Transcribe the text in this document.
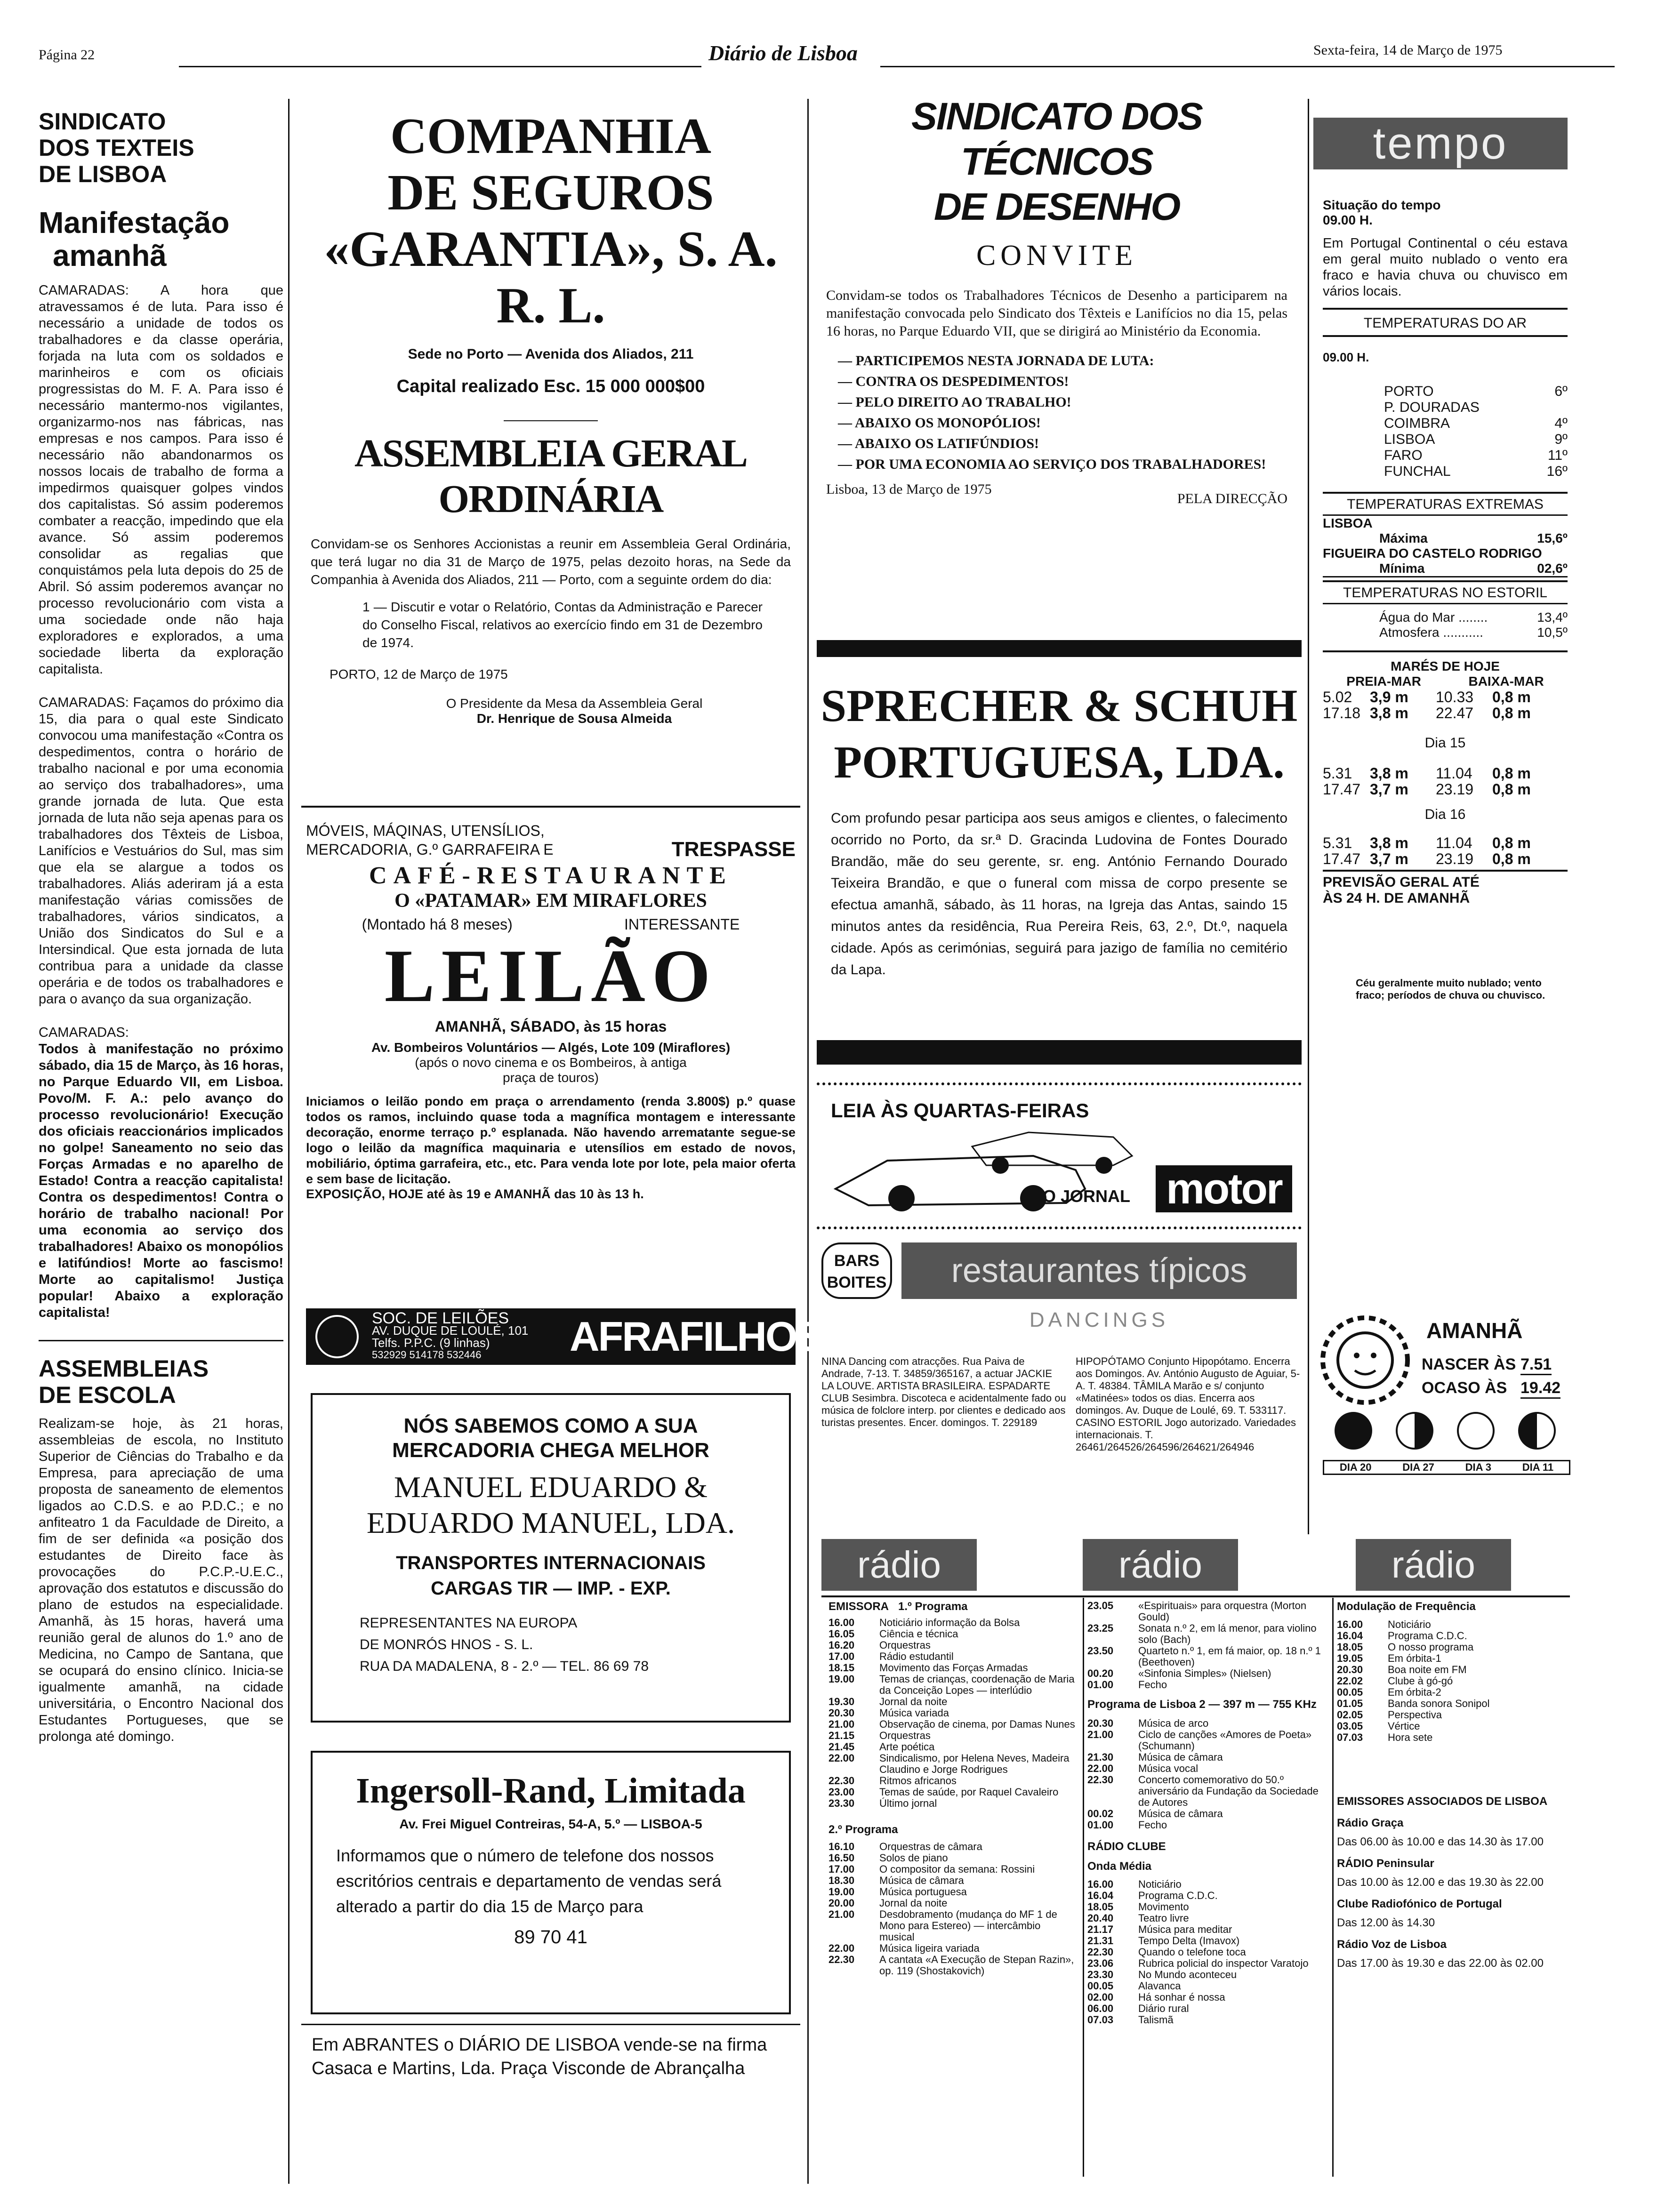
Página 22	Diário de Lisboa	Sexta-feira, 14 de Março de 1975
SINDICATO
DOS TEXTEIS
DE LISBOA
Manifestação
amanhã

CAMARADAS: A hora que atravessamos é de luta. Para isso é necessário a unidade de todos os trabalhadores e da classe operária, forjada na luta com os soldados e marinheiros e com os oficiais progressistas do M. F. A. Para isso é necessário mantermo-nos vigilantes, organizarmo-nos nas fábricas, nas empresas e nos campos. Para isso é necessário não abandonarmos os nossos locais de trabalho de forma a impedirmos quaisquer golpes vindos dos capitalistas. Só assim poderemos combater a reacção, impedindo que ela avance. Só assim poderemos consolidar as regalias que conquistámos pela luta depois do 25 de Abril. Só assim poderemos avançar no processo revolucionário com vista a uma sociedade onde não haja exploradores e explorados, a uma sociedade liberta da exploração capitalista.

CAMARADAS: Façamos do próximo dia 15, dia para o qual este Sindicato convocou uma manifestação «Contra os despedimentos, contra o horário de trabalho nacional e por uma economia ao serviço dos trabalhadores», uma grande jornada de luta. Que esta jornada de luta não seja apenas para os trabalhadores dos Têxteis de Lisboa, Lanifícios e Vestuários do Sul, mas sim que ela se alargue a todos os trabalhadores. Aliás aderiram já a esta manifestação várias comissões de trabalhadores, vários sindicatos, a União dos Sindicatos do Sul e a Intersindical. Que esta jornada de luta contribua para a unidade da classe operária e de todos os trabalhadores e para o avanço da sua organização.

CAMARADAS:

Todos à manifestação no próximo sábado, dia 15 de Março, às 16 horas, no Parque Eduardo VII, em Lisboa. Povo/M. F. A.: pelo avanço do processo revolucionário! Execução dos oficiais reaccionários implicados no golpe! Saneamento no seio das Forças Armadas e no aparelho de Estado! Contra a reacção capitalista! Contra os despedimentos! Contra o horário de trabalho nacional! Por uma economia ao serviço dos trabalhadores! Abaixo os monopólios e latifúndios! Morte ao fascismo! Morte ao capitalismo! Justiça popular! Abaixo a exploração capitalista!

ASSEMBLEIAS
DE ESCOLA

Realizam-se hoje, às 21 horas, assembleias de escola, no Instituto Superior de Ciências do Trabalho e da Empresa, para apreciação de uma proposta de saneamento de elementos ligados ao C.D.S. e ao P.D.C.; e no anfiteatro 1 da Faculdade de Direito, a fim de ser definida «a posição dos estudantes de Direito face às provocações do P.C.P.-U.E.C., aprovação dos estatutos e discussão do plano de estudos na especialidade. Amanhã, às 15 horas, haverá uma reunião geral de alunos do 1.º ano de Medicina, no Campo de Santana, que se ocupará do ensino clínico. Inicia-se igualmente amanhã, na cidade universitária, o Encontro Nacional dos Estudantes Portugueses, que se prolonga até domingo.

COMPANHIA
DE SEGUROS
«GARANTIA», S. A. R. L.
Sede no Porto — Avenida dos Aliados, 211
Capital realizado Esc. 15 000 000$00
ASSEMBLEIA GERAL ORDINÁRIA

Convidam-se os Senhores Accionistas a reunir em Assembleia Geral Ordinária, que terá lugar no dia 31 de Março de 1975, pelas dezoito horas, na Sede da Companhia à Avenida dos Aliados, 211 — Porto, com a seguinte ordem do dia:

1 — Discutir e votar o Relatório, Contas da Administração e Parecer do Conselho Fiscal, relativos ao exercício findo em 31 de Dezembro de 1974.

PORTO, 12 de Março de 1975
O Presidente da Mesa da Assembleia Geral
Dr. Henrique de Sousa Almeida
MÓVEIS, MÁQINAS, UTENSÍLIOS,
MERCADORIA, G.º GARRAFEIRA E	TRESPASSE
CAFÉ-RESTAURANTE
O «PATAMAR» EM MIRAFLORES
(Montado há 8 meses)	INTERESSANTE
LEILÃO
AMANHÃ, SÁBADO, às 15 horas
Av. Bombeiros Voluntários — Algés, Lote 109 (Miraflores)
(após o novo cinema e os Bombeiros, à antiga praça de touros)

Iniciamos o leilão pondo em praça o arrendamento (renda 3.800$) p.º quase todos os ramos, incluindo quase toda a magnífica montagem e interessante decoração, enorme terraço p.º esplanada. Não havendo arrematante segue-se logo o leilão da magnífica maquinaria e utensílios em estado de novos, mobiliário, óptima garrafeira, etc., etc. Para venda lote por lote, pela maior oferta e sem base de licitação.

EXPOSIÇÃO, HOJE até às 19 e AMANHÃ das 10 às 13 h.
SOC. DE LEILÕES
AV. DUQUE DE LOULÉ, 101
Telfs. P.P.C. (9 linhas)
532929 514178 532446	AFRAFILHOS,Lda
NÓS SABEMOS COMO A SUA
MERCADORIA CHEGA MELHOR
MANUEL EDUARDO &
EDUARDO MANUEL, LDA.
TRANSPORTES INTERNACIONAIS
CARGAS TIR — IMP. - EXP.
REPRESENTANTES NA EUROPA
DE MONRÓS HNOS - S. L.
RUA DA MADALENA, 8 - 2.º — TEL. 86 69 78
Ingersoll-Rand, Limitada
Av. Frei Miguel Contreiras, 54-A, 5.º — LISBOA-5

Informamos que o número de telefone dos nossos escritórios centrais e departamento de vendas será alterado a partir do dia 15 de Março para

89 70 41

Em ABRANTES o DIÁRIO DE LISBOA vende-se na firma Casaca e Martins, Lda. Praça Visconde de Abrançalha

SINDICATO DOS TÉCNICOS
DE DESENHO
CONVITE

Convidam-se todos os Trabalhadores Técnicos de Desenho a participarem na manifestação convocada pelo Sindicato dos Têxteis e Lanifícios no dia 15, pelas 16 horas, no Parque Eduardo VII, que se dirigirá ao Ministério da Economia.

— PARTICIPEMOS NESTA JORNADA DE LUTA:
— CONTRA OS DESPEDIMENTOS!
— PELO DIREITO AO TRABALHO!
— ABAIXO OS MONOPÓLIOS!
— ABAIXO OS LATIFÚNDIOS!
— POR UMA ECONOMIA AO SERVIÇO DOS TRABALHADORES!
Lisboa, 13 de Março de 1975
PELA DIRECÇÃO
SPRECHER & SCHUH
PORTUGUESA, LDA.

Com profundo pesar participa aos seus amigos e clientes, o falecimento ocorrido no Porto, da sr.ª D. Gracinda Ludovina de Fontes Dourado Brandão, mãe do seu gerente, sr. eng. António Fernando Dourado Teixeira Brandão, e que o funeral com missa de corpo presente se efectua amanhã, sábado, às 11 horas, na Igreja das Antas, saindo 15 minutos antes da residência, Rua Pereira Reis, 63, 2.º, Dt.º, naquela cidade. Após as cerimónias, seguirá para jazigo de família no cemitério da Lapa.

LEIA ÀS QUARTAS-FEIRAS
O JORNAL motor
BARS
BOITES	restaurantes típicos
DANCINGS

NINA Dancing com atracções. Rua Paiva de Andrade, 7-13. T. 34859/365167, a actuar JACKIE LA LOUVE. ARTISTA BRASILEIRA. ESPADARTE CLUB Sesimbra. Discoteca e acidentalmente fado ou música de folclore interp. por clientes e dedicado aos turistas presentes. Encer. domingos. T. 229189

HIPOPÓTAMO Conjunto Hipopótamo. Encerra aos Domingos. Av. António Augusto de Aguiar, 5-A. T. 48384. TÂMILA Marão e s/ conjunto «Matinées» todos os dias. Encerra aos domingos. Av. Duque de Loulé, 69. T. 533117. CASINO ESTORIL Jogo autorizado. Variedades internacionais. T. 26461/264526/264596/264621/264946

tempo
Situação do tempo
09.00 H.

Em Portugal Continental o céu estava em geral muito nublado o vento era fraco e havia chuva ou chuvisco em vários locais.

TEMPERATURAS DO AR
09.00 H.
PORTO	6º
P. DOURADAS
COIMBRA	4º
LISBOA	9º
FARO	11º
FUNCHAL	16º
TEMPERATURAS EXTREMAS
LISBOA
Máxima	15,6º
FIGUEIRA DO CASTELO RODRIGO
Mínima	02,6º
TEMPERATURAS NO ESTORIL
Água do Mar ........	13,4º
Atmosfera ...........	10,5º
MARÉS DE HOJE
PREIA-MAR	BAIXA-MAR
5.02	3,9 m	10.33	0,8 m
17.18 3,8 m	22.47	0,8 m
Dia 15
5.31	3,8 m	11.04	0,8 m
17.47 3,7 m	23.19	0,8 m
Dia 16
5.31	3,8 m	11.04	0,8 m
17.47 3,7 m	23.19	0,8 m
PREVISÃO GERAL ATÉ ÀS 24 H. DE AMANHÃ

Céu geralmente muito nublado; vento fraco; períodos de chuva ou chuvisco.

AMANHÃ
NASCER ÀS 7.51
OCASO ÀS 19.42
DIA 20	DIA 27	DIA 3	DIA 11
rádio	rádio	rádio
EMISSORA 1.º Programa
16.00	Noticiário informação da Bolsa
16.05	Ciência e técnica
16.20	Orquestras
17.00	Rádio estudantil
18.15	Movimento das Forças Armadas
19.00	Temas de crianças, coordenação de Maria da Conceição Lopes — interlúdio
19.30	Jornal da noite
20.30	Música variada
21.00	Observação de cinema, por Damas Nunes
21.15	Orquestras
21.45	Arte poética
22.00	Sindicalismo, por Helena Neves, Madeira Claudino e Jorge Rodrigues
22.30	Ritmos africanos
23.00	Temas de saúde, por Raquel Cavaleiro
23.30	Último jornal
2.º Programa
16.10	Orquestras de câmara
16.50	Solos de piano
17.00	O compositor da semana: Rossini
18.30	Música de câmara
19.00	Música portuguesa
20.00	Jornal da noite
21.00	Desdobramento (mudança do MF 1 de Mono para Estereo) — intercâmbio musical
22.00	Música ligeira variada
22.30	A cantata «A Execução de Stepan Razin», op. 119 (Shostakovich)
23.05	«Espirituais» para orquestra (Morton Gould)
23.25	Sonata n.º 2, em lá menor, para violino solo (Bach)
23.50	Quarteto n.º 1, em fá maior, op. 18 n.º 1 (Beethoven)
00.20	«Sinfonia Simples» (Nielsen)
01.00	Fecho
Programa de Lisboa 2 — 397 m — 755 KHz
20.30	Música de arco
21.00	Ciclo de canções «Amores de Poeta» (Schumann)
21.30	Música de câmara
22.00	Música vocal
22.30	Concerto comemorativo do 50.º aniversário da Fundação da Sociedade de Autores
00.02	Música de câmara
01.00	Fecho
RÁDIO CLUBE
Onda Média
16.00	Noticiário
16.04	Programa C.D.C.
18.05	Movimento
20.40	Teatro livre
21.17	Música para meditar
21.31	Tempo Delta (Imavox)
22.30	Quando o telefone toca
23.06	Rubrica policial do inspector Varatojo
23.30	No Mundo aconteceu
00.05	Alavanca
02.00	Há sonhar é nossa
06.00	Diário rural
07.03	Talismã
Modulação de Frequência
16.00	Noticiário
16.04	Programa C.D.C.
18.05	O nosso programa
19.05	Em órbita-1
20.30	Boa noite em FM
22.02	Clube à gó-gó
00.05	Em órbita-2
01.05	Banda sonora Sonipol
02.05	Perspectiva
03.05	Vértice
07.03	Hora sete
EMISSORES ASSOCIADOS DE LISBOA
Rádio Graça
Das 06.00 às 10.00 e das 14.30 às 17.00
RÁDIO Peninsular
Das 10.00 às 12.00 e das 19.30 às 22.00
Clube Radiofónico de Portugal
Das 12.00 às 14.30
Rádio Voz de Lisboa
Das 17.00 às 19.30 e das 22.00 às 02.00
